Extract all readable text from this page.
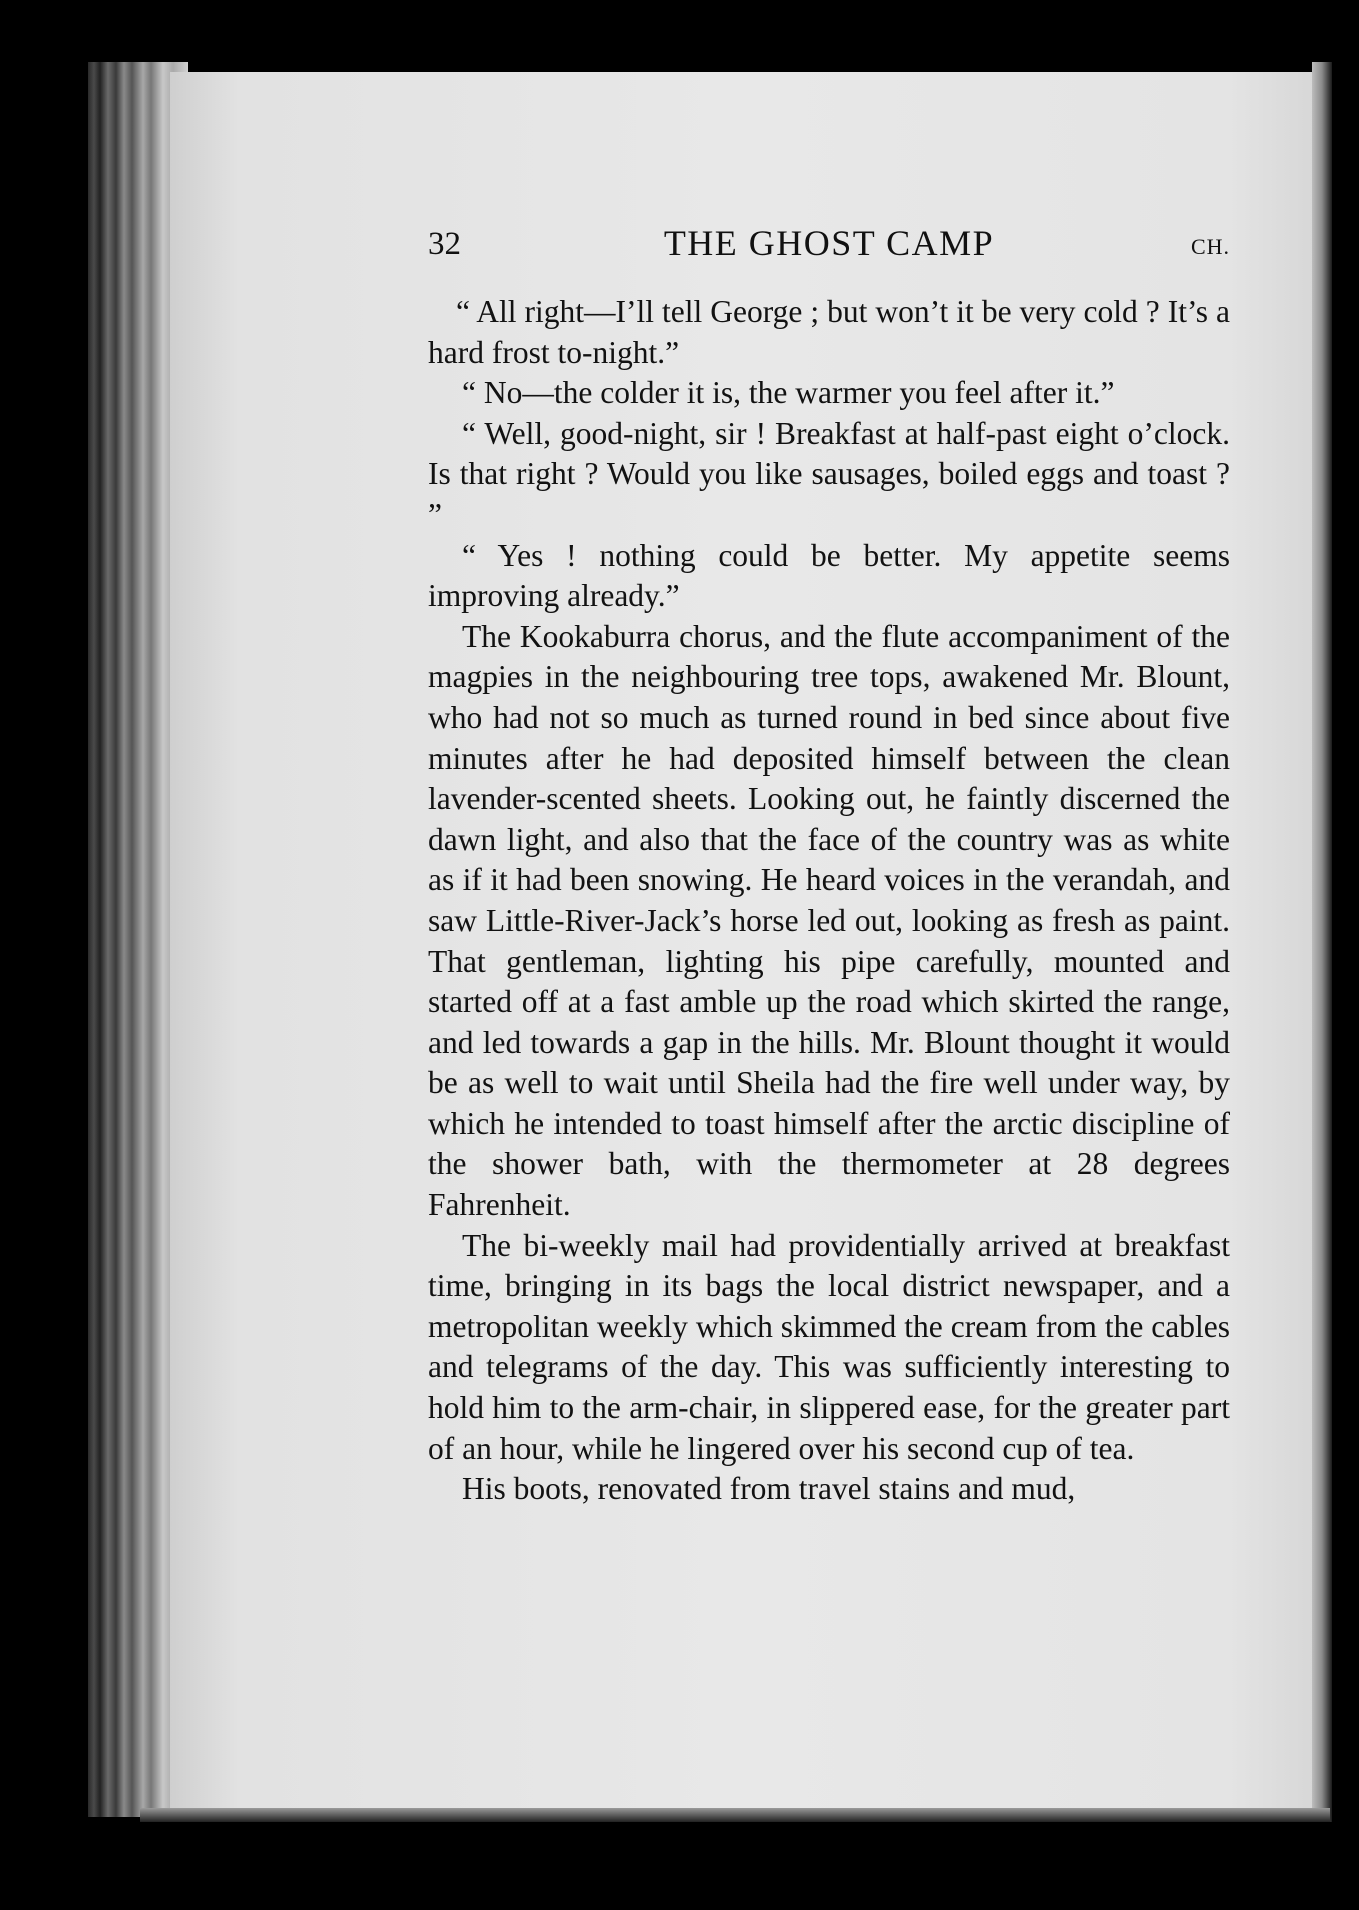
32	THE GHOST CAMP	CH.

“ All right—I’ll tell George ; but won’t it be very cold ? It’s a hard frost to-night.”

“ No—the colder it is, the warmer you feel after it.”

“ Well, good-night, sir ! Breakfast at half-past eight o’clock. Is that right ? Would you like sausages, boiled eggs and toast ? ”

“ Yes ! nothing could be better. My appetite seems improving already.”

The Kookaburra chorus, and the flute accompaniment of the magpies in the neighbouring tree tops, awakened Mr. Blount, who had not so much as turned round in bed since about five minutes after he had deposited himself between the clean lavender-scented sheets. Looking out, he faintly discerned the dawn light, and also that the face of the country was as white as if it had been snowing. He heard voices in the verandah, and saw Little-River-Jack’s horse led out, looking as fresh as paint. That gentleman, lighting his pipe carefully, mounted and started off at a fast amble up the road which skirted the range, and led towards a gap in the hills. Mr. Blount thought it would be as well to wait until Sheila had the fire well under way, by which he intended to toast himself after the arctic discipline of the shower bath, with the thermometer at 28 degrees Fahrenheit.

The bi-weekly mail had providentially arrived at breakfast time, bringing in its bags the local district newspaper, and a metropolitan weekly which skimmed the cream from the cables and telegrams of the day. This was sufficiently interesting to hold him to the arm-chair, in slippered ease, for the greater part of an hour, while he lingered over his second cup of tea.

His boots, renovated from travel stains and mud,
